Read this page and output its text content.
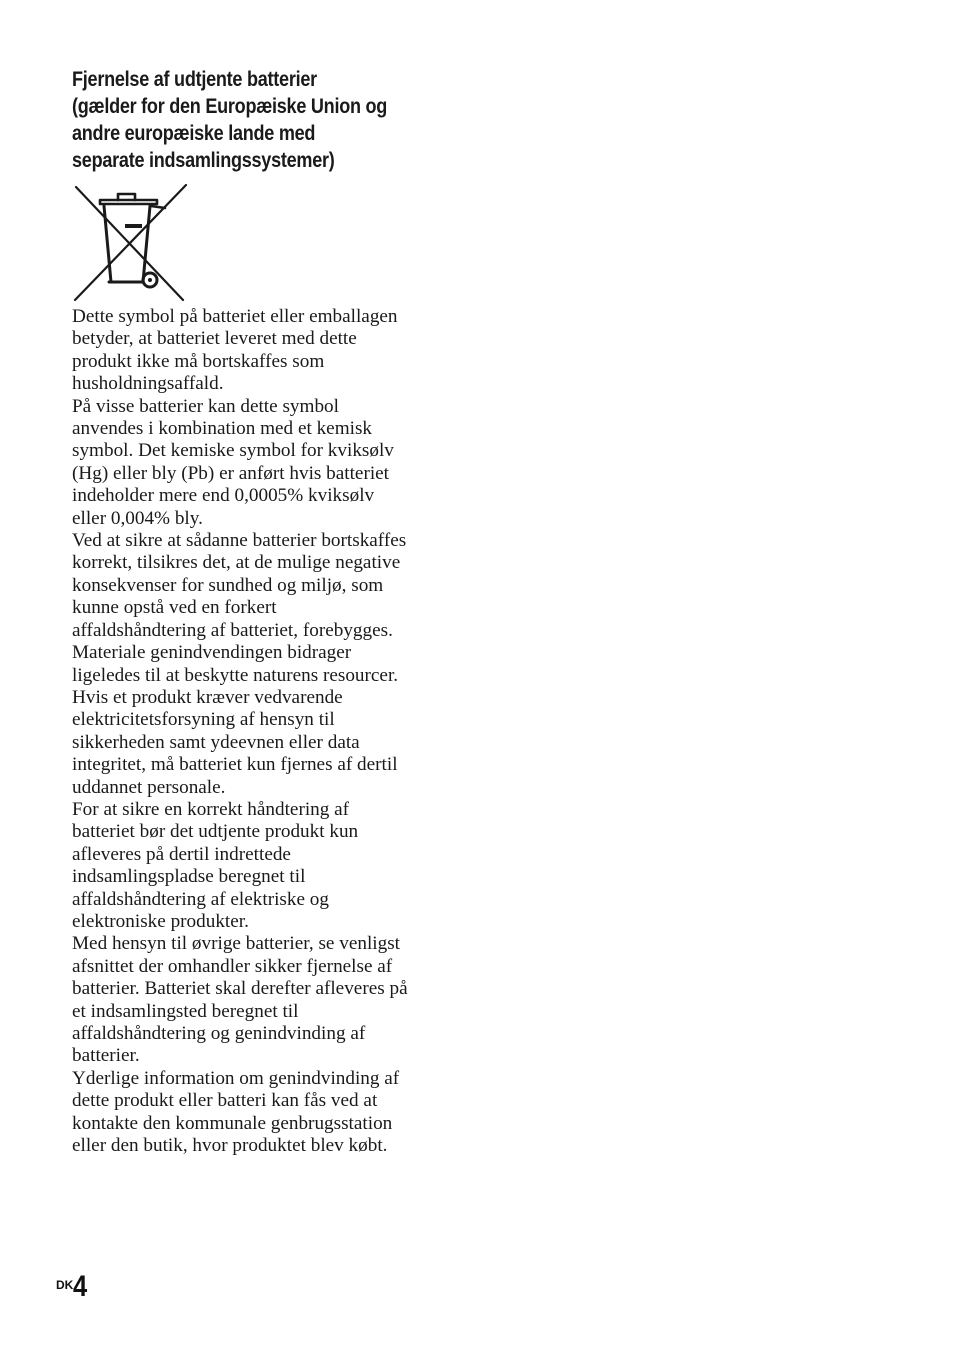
Fjernelse af udtjente batterier
(gælder for den Europæiske Union og
andre europæiske lande med
separate indsamlingssystemer)

Dette symbol på batteriet eller emballagen
betyder, at batteriet leveret med dette
produkt ikke må bortskaffes som
husholdningsaffald.

På visse batterier kan dette symbol
anvendes i kombination med et kemisk
symbol. Det kemiske symbol for kviksølv
(Hg) eller bly (Pb) er anført hvis batteriet
indeholder mere end 0,0005% kviksølv
eller 0,004% bly.

Ved at sikre at sådanne batterier bortskaffes
korrekt, tilsikres det, at de mulige negative
konsekvenser for sundhed og miljø, som
kunne opstå ved en forkert
affaldshåndtering af batteriet, forebygges.
Materiale genindvendingen bidrager
ligeledes til at beskytte naturens resourcer.

Hvis et produkt kræver vedvarende
elektricitetsforsyning af hensyn til
sikkerheden samt ydeevnen eller data
integritet, må batteriet kun fjernes af dertil
uddannet personale.

For at sikre en korrekt håndtering af
batteriet bør det udtjente produkt kun
afleveres på dertil indrettede
indsamlingspladse beregnet til
affaldshåndtering af elektriske og
elektroniske produkter.

Med hensyn til øvrige batterier, se venligst
afsnittet der omhandler sikker fjernelse af
batterier. Batteriet skal derefter afleveres på
et indsamlingsted beregnet til
affaldshåndtering og genindvinding af
batterier.

Yderlige information om genindvinding af
dette produkt eller batteri kan fås ved at
kontakte den kommunale genbrugsstation
eller den butik, hvor produktet blev købt.

$^{DK}$4
